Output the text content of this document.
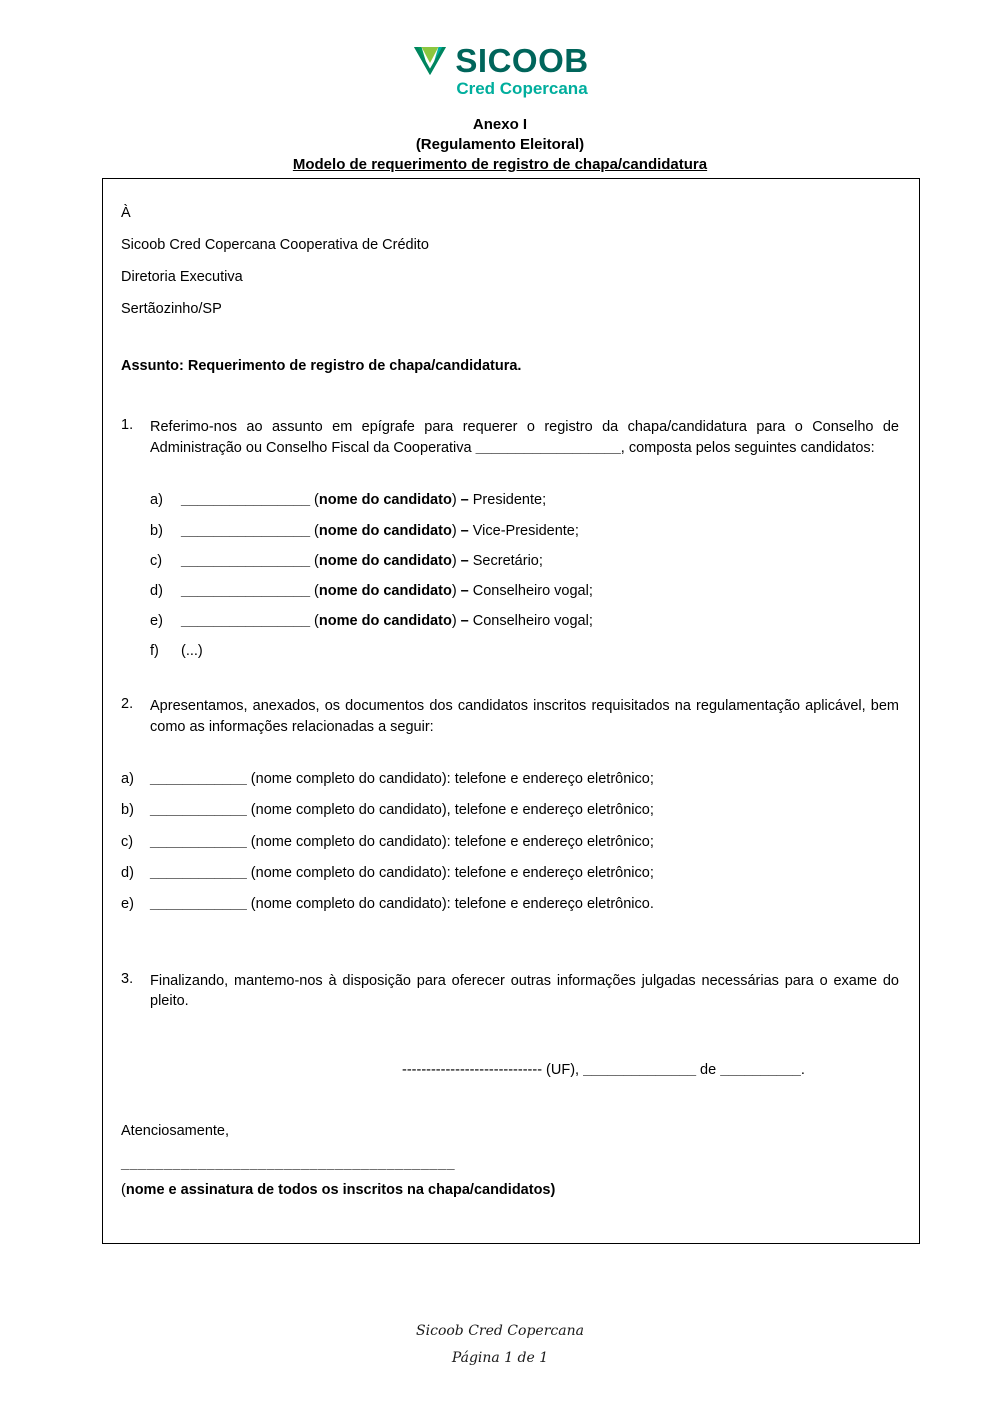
SICOOB
Cred Copercana
Anexo I
(Regulamento Eleitoral)
Modelo de requerimento de registro de chapa/candidatura
À
Sicoob Cred Copercana Cooperativa de Crédito
Diretoria Executiva
Sertãozinho/SP
Assunto: Requerimento de registro de chapa/candidatura.
1.	Referimo-nos ao assunto em epígrafe para requerer o registro da chapa/candidatura para o Conselho de Administração ou Conselho Fiscal da Cooperativa __________________, composta pelos seguintes candidatos:
a)	________________ (nome do candidato) – Presidente;
b)	________________ (nome do candidato) – Vice-Presidente;
c)	________________ (nome do candidato) – Secretário;
d)	________________ (nome do candidato) – Conselheiro vogal;
e)	________________ (nome do candidato) – Conselheiro vogal;
f)	(...)
2.	Apresentamos, anexados, os documentos dos candidatos inscritos requisitados na regulamentação aplicável, bem como as informações relacionadas a seguir:
a)	____________ (nome completo do candidato): telefone e endereço eletrônico;
b)	____________ (nome completo do candidato), telefone e endereço eletrônico;
c)	____________ (nome completo do candidato): telefone e endereço eletrônico;
d)	____________ (nome completo do candidato): telefone e endereço eletrônico;
e)	____________ (nome completo do candidato): telefone e endereço eletrônico.
3.	Finalizando, mantemo-nos à disposição para oferecer outras informações julgadas necessárias para o exame do pleito.
----------------------------- (UF), ______________ de __________.
Atenciosamente,
_______________________________________
(nome e assinatura de todos os inscritos na chapa/candidatos)
Sicoob Cred Copercana
Página 1 de 1
